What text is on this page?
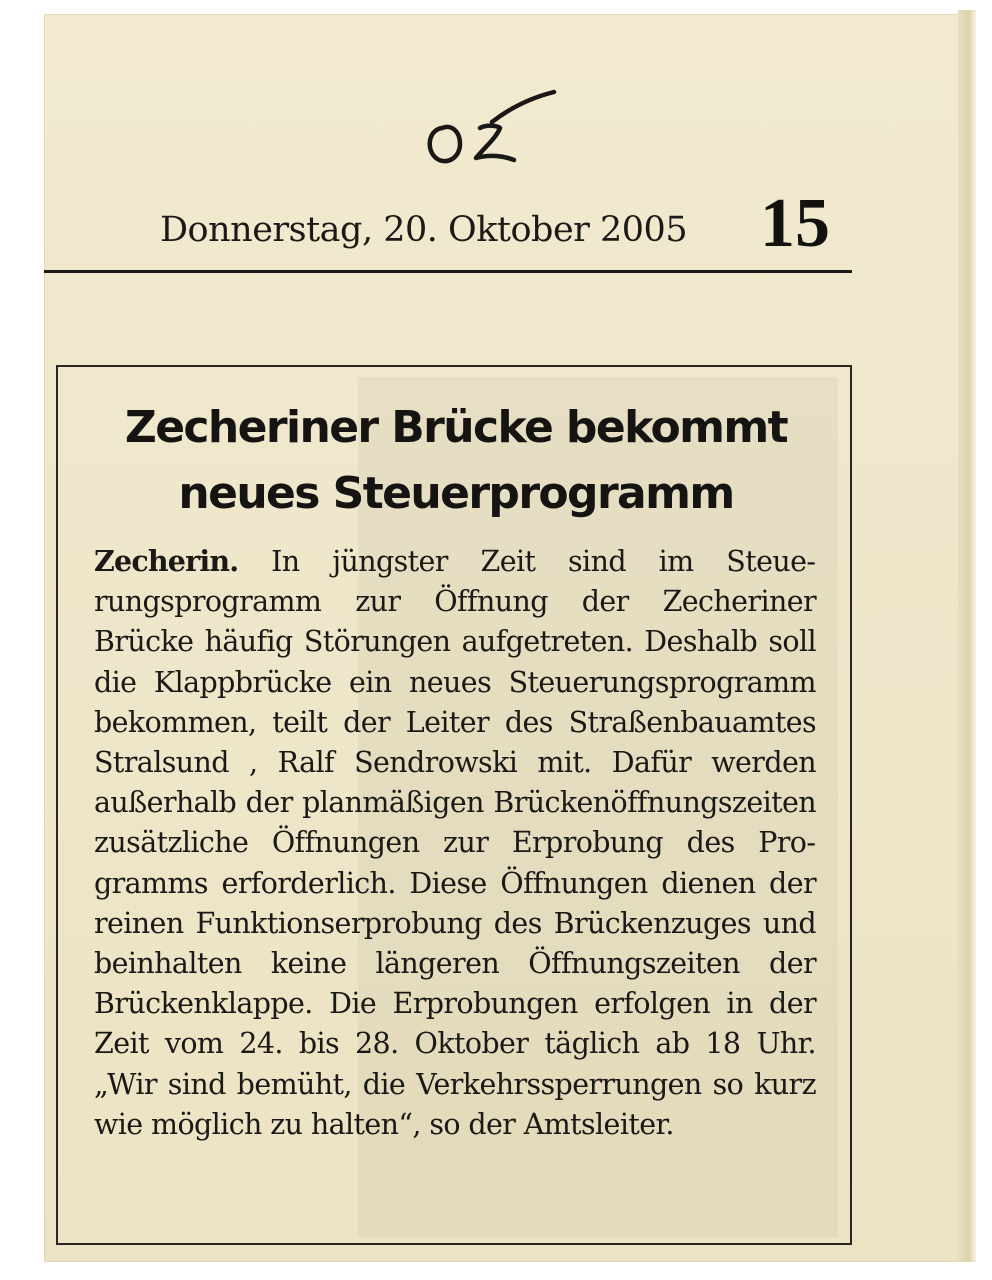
Donnerstag, 20. Oktober 2005 15
Zecheriner Brücke bekommt neues Steuerprogramm
Zecherin. In jüngster Zeit sind im Steuerungsprogramm zur Öffnung der Zecheriner Brücke häufig Störungen aufgetreten. Deshalb soll die Klappbrücke ein neues Steuerungsprogramm bekommen, teilt der Leiter des Straßenbauamtes Stralsund , Ralf Sendrowski mit. Dafür werden außerhalb der planmäßigen Brückenöffnungszeiten zusätzliche Öffnungen zur Erprobung des Programms erforderlich. Diese Öffnungen dienen der reinen Funktionserprobung des Brückenzuges und beinhalten keine längeren Öffnungszeiten der Brückenklappe. Die Erprobungen erfolgen in der Zeit vom 24. bis 28. Oktober täglich ab 18 Uhr. „Wir sind bemüht, die Verkehrssperrungen so kurz wie möglich zu halten“, so der Amtsleiter.
